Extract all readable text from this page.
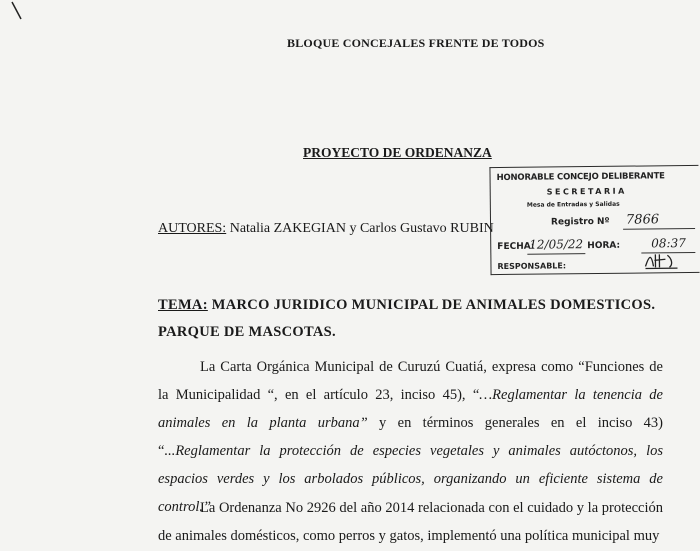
BLOQUE CONCEJALES FRENTE DE TODOS
PROYECTO DE ORDENANZA
AUTORES: Natalia ZAKEGIAN y Carlos Gustavo RUBIN
HONORABLE CONCEJO DELIBERANTE
SECRETARIA
Mesa de Entradas y Salidas
Registro Nº 7866
FECHA:
12/05/22 HORA:	08:37
RESPONSABLE:
TEMA: MARCO JURIDICO MUNICIPAL DE ANIMALES DOMESTICOS. PARQUE DE MASCOTAS.
La Carta Orgánica Municipal de Curuzú Cuatiá, expresa como “Funciones de la Municipalidad “, en el artículo 23, inciso 45), “…Reglamentar la tenencia de animales en la planta urbana” y en términos generales en el inciso 43) “...Reglamentar la protección de especies vegetales y animales autóctonos, los espacios verdes y los arbolados públicos, organizando un eficiente sistema de control.”
La Ordenanza No 2926 del año 2014 relacionada con el cuidado y la protección de animales domésticos, como perros y gatos, implementó una política municipal muy
